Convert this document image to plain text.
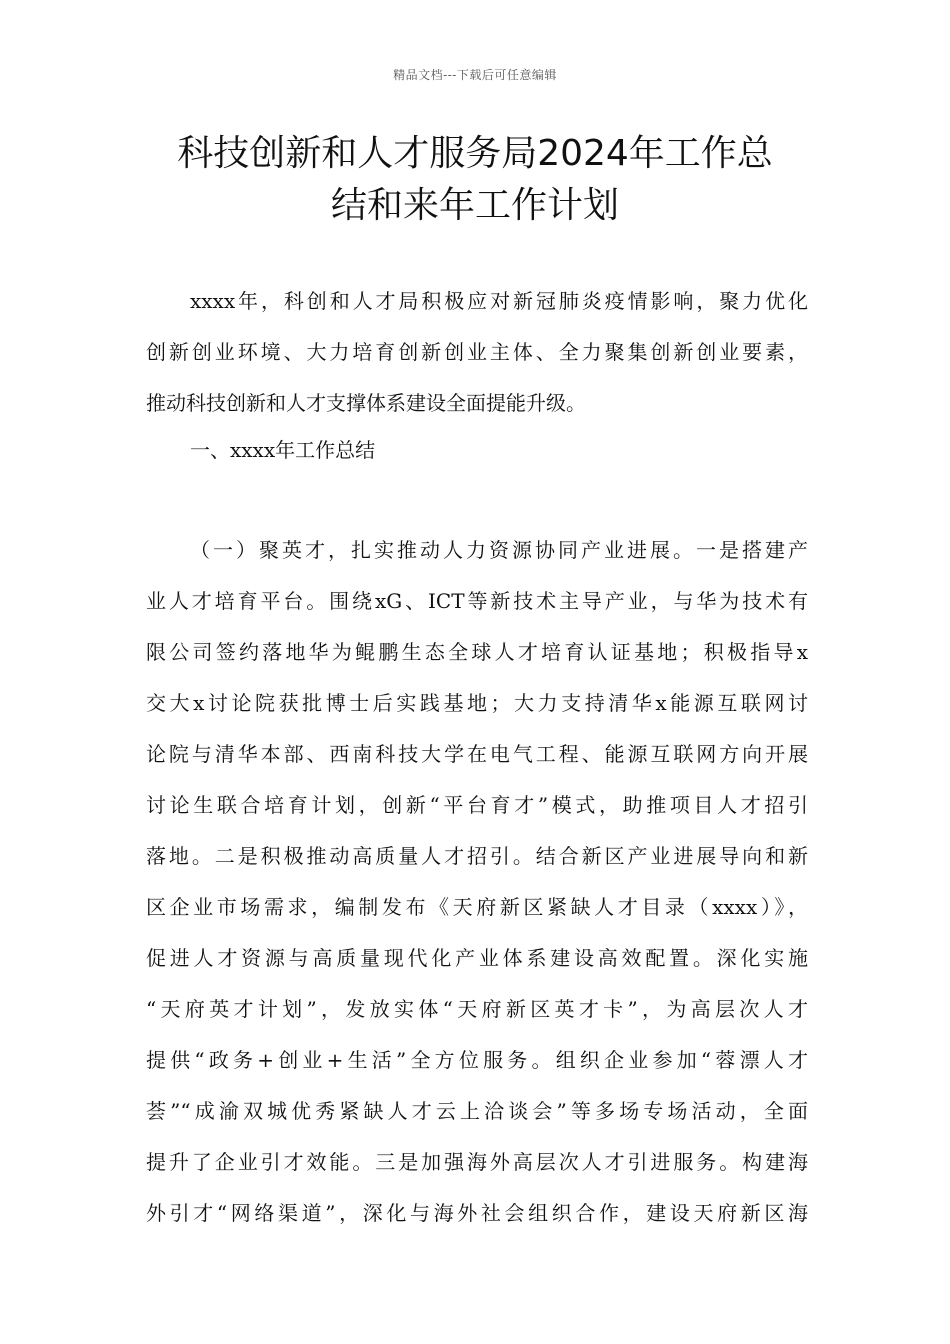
精品文档---下载后可任意编辑
科技创新和人才服务局2024年工作总
结和来年工作计划
xxxx年，科创和人才局积极应对新冠肺炎疫情影响，聚力优化
创新创业环境、大力培育创新创业主体、全力聚集创新创业要素，
推动科技创新和人才支撑体系建设全面提能升级。
一、xxxx年工作总结
（一）聚英才，扎实推动人力资源协同产业进展。一是搭建产
业人才培育平台。围绕xG、ICT等新技术主导产业，与华为技术有
限公司签约落地华为鲲鹏生态全球人才培育认证基地；积极指导x
交大x讨论院获批博士后实践基地；大力支持清华x能源互联网讨
论院与清华本部、西南科技大学在电气工程、能源互联网方向开展
讨论生联合培育计划，创新“平台育才”模式，助推项目人才招引
落地。二是积极推动高质量人才招引。结合新区产业进展导向和新
区企业市场需求，编制发布《天府新区紧缺人才目录（xxxx）》，
促进人才资源与高质量现代化产业体系建设高效配置。深化实施
“天府英才计划”，发放实体“天府新区英才卡”，为高层次人才
提供“政务+创业+生活”全方位服务。组织企业参加“蓉漂人才
荟”“成渝双城优秀紧缺人才云上洽谈会”等多场专场活动，全面
提升了企业引才效能。三是加强海外高层次人才引进服务。构建海
外引才“网络渠道”，深化与海外社会组织合作，建设天府新区海
